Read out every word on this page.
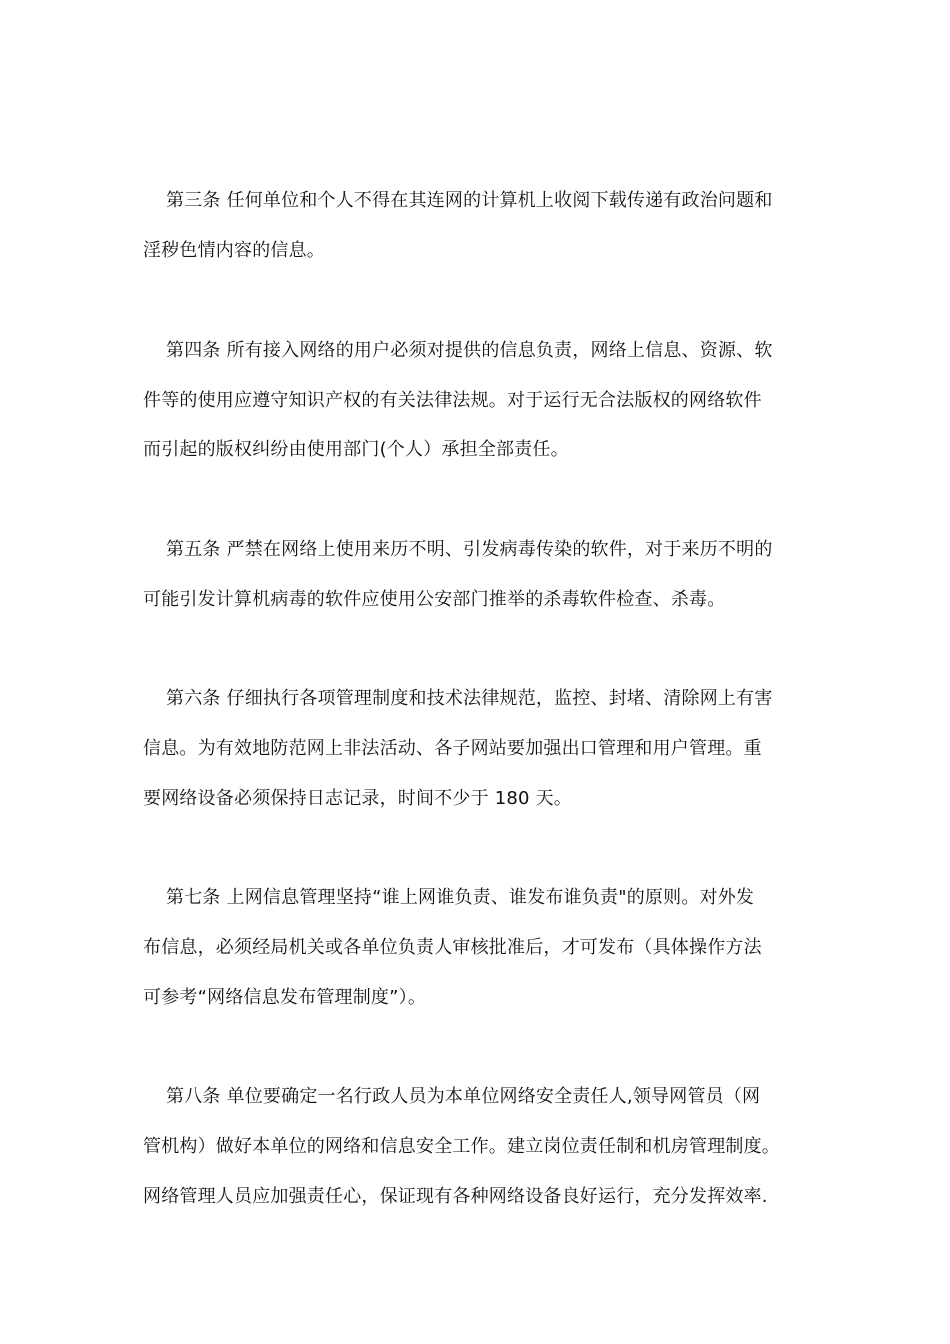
第三条 任何单位和个人不得在其连网的计算机上收阅下载传递有政治问题和
淫秽色情内容的信息。
第四条 所有接入网络的用户必须对提供的信息负责，网络上信息、资源、软
件等的使用应遵守知识产权的有关法律法规。对于运行无合法版权的网络软件
而引起的版权纠纷由使用部门(个人）承担全部责任。
第五条 严禁在网络上使用来历不明、引发病毒传染的软件，对于来历不明的
可能引发计算机病毒的软件应使用公安部门推举的杀毒软件检查、杀毒。
第六条 仔细执行各项管理制度和技术法律规范，监控、封堵、清除网上有害
信息。为有效地防范网上非法活动、各子网站要加强出口管理和用户管理。重
要网络设备必须保持日志记录，时间不少于 180 天。
第七条 上网信息管理坚持“谁上网谁负责、谁发布谁负责"的原则。对外发
布信息，必须经局机关或各单位负责人审核批准后，才可发布（具体操作方法
可参考“网络信息发布管理制度”）。
第八条 单位要确定一名行政人员为本单位网络安全责任人,领导网管员（网
管机构）做好本单位的网络和信息安全工作。建立岗位责任制和机房管理制度。
网络管理人员应加强责任心，保证现有各种网络设备良好运行，充分发挥效率.
